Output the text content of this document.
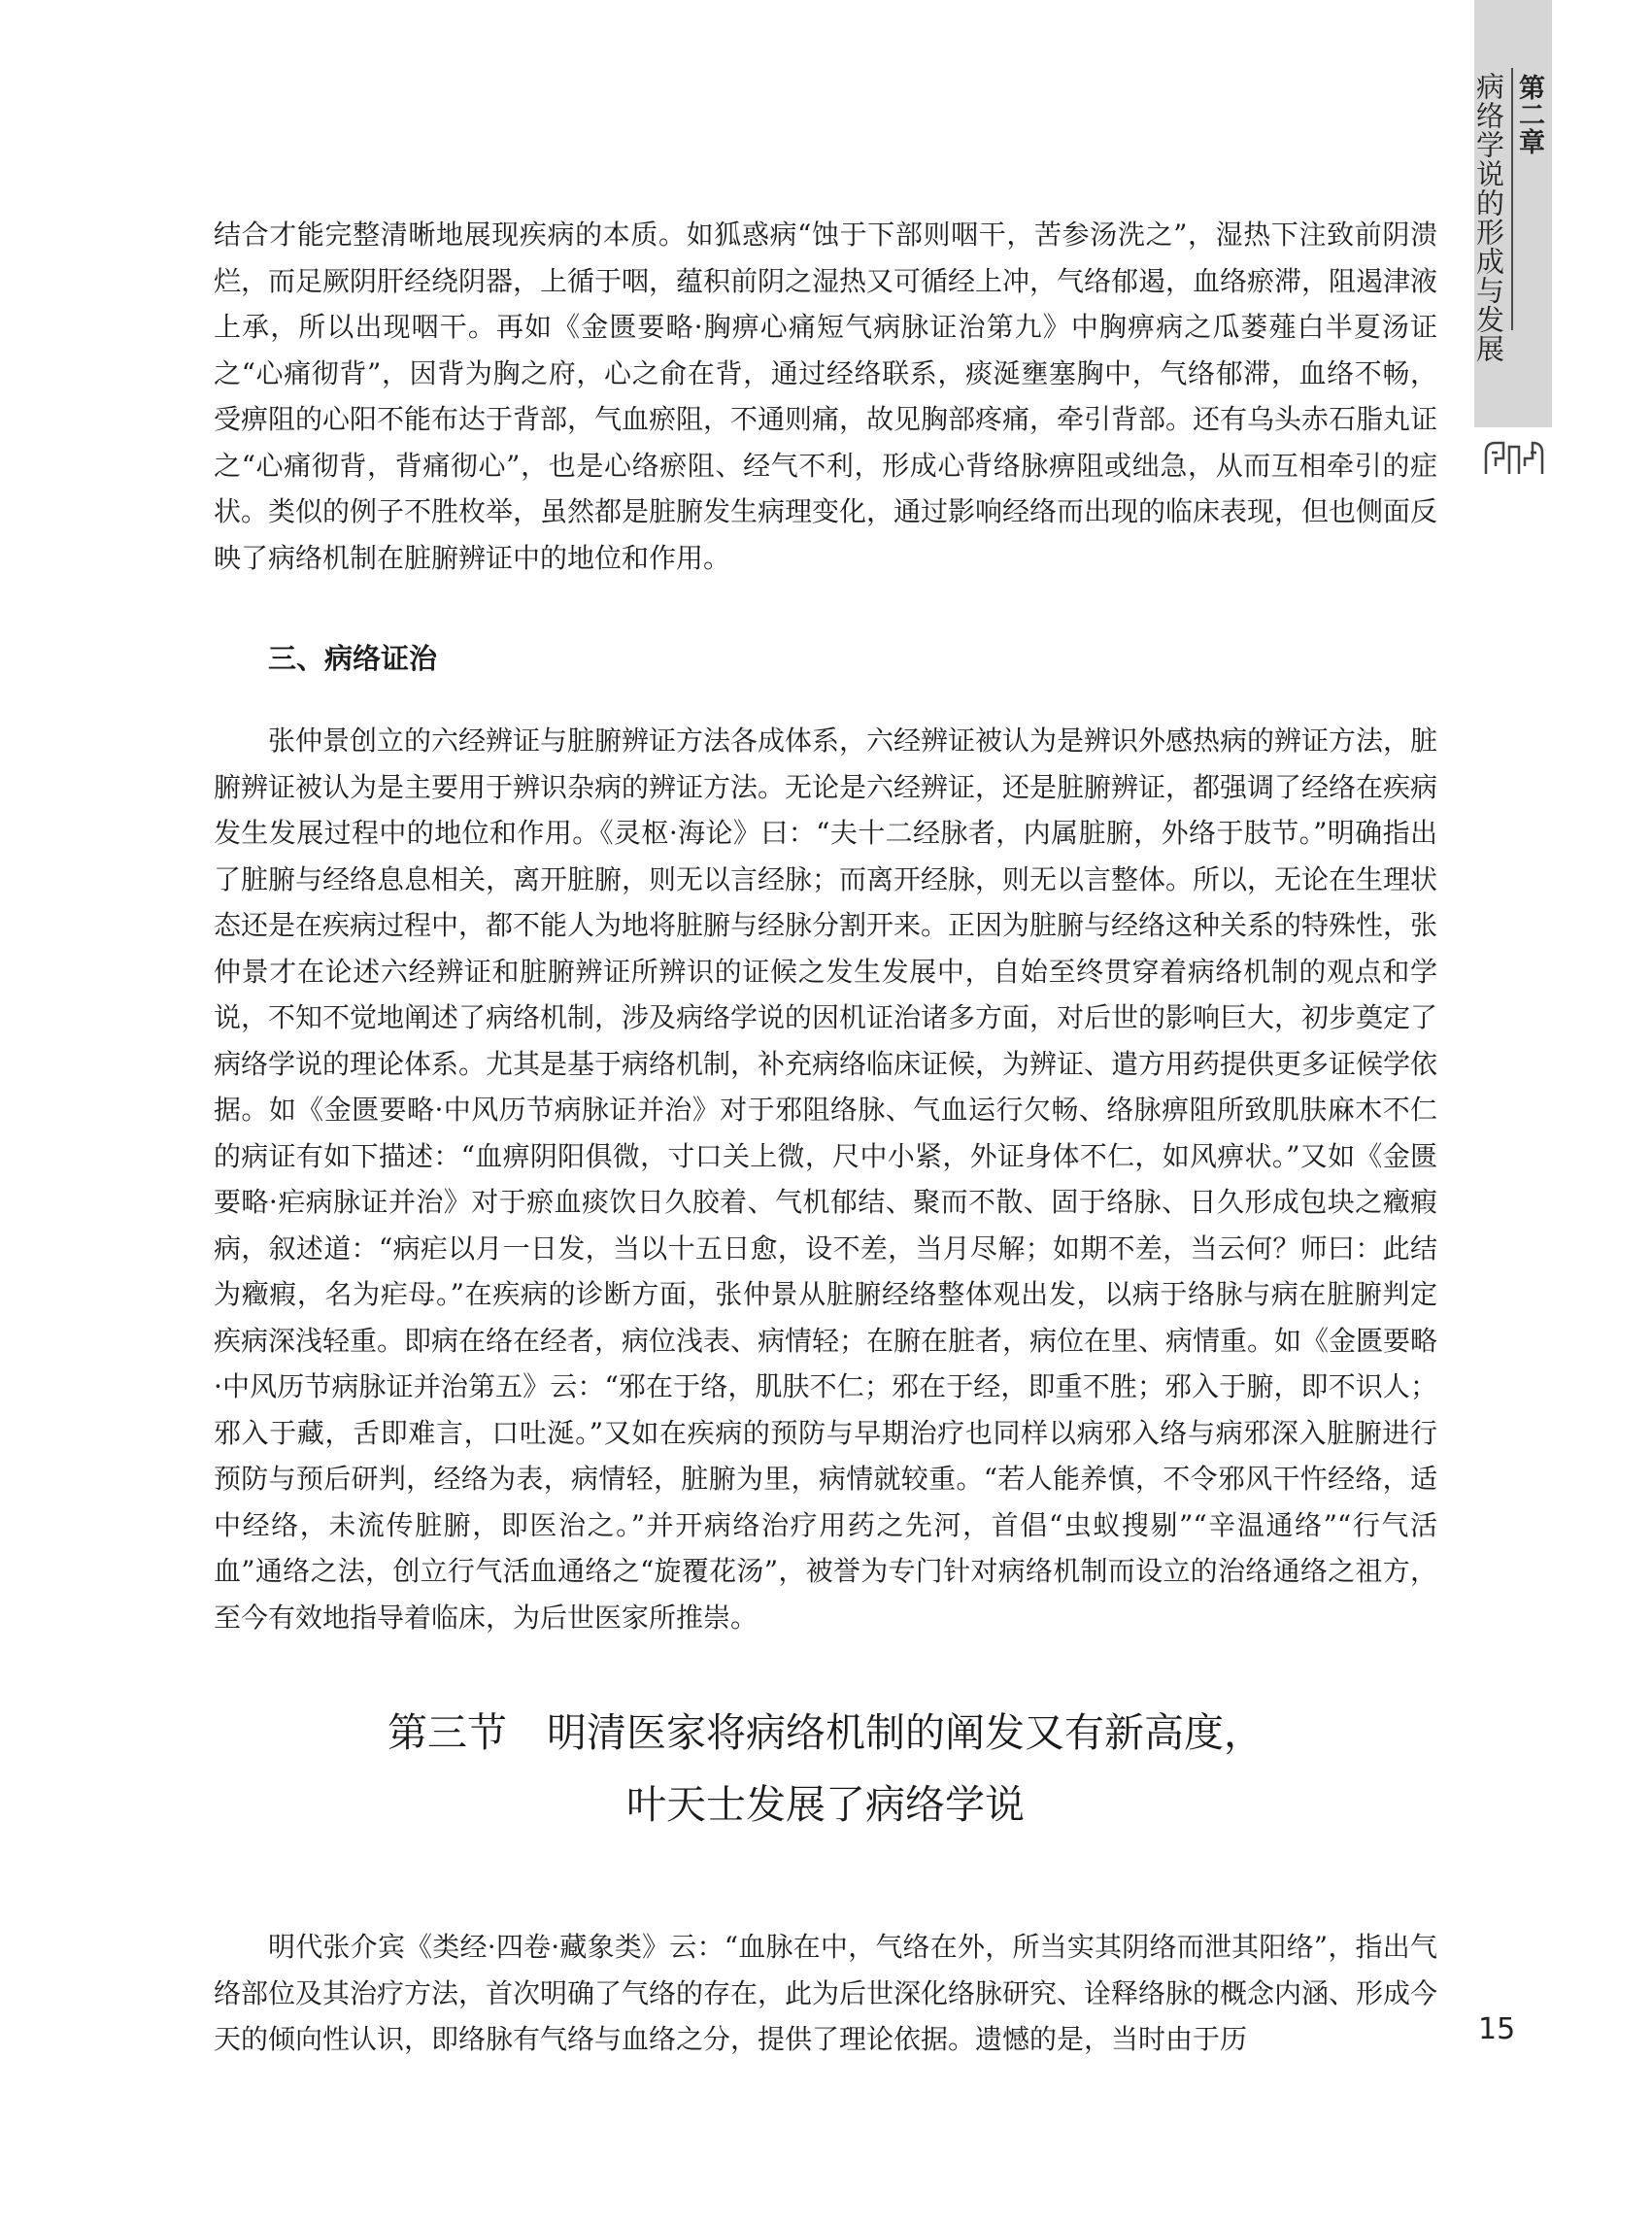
病络学说的形成与发展 第二章

结合才能完整清晰地展现疾病的本质。如狐惑病“蚀于下部则咽干，苦参汤洗之”，湿热下注致前阴溃烂，而足厥阴肝经绕阴器，上循于咽，蕴积前阴之湿热又可循经上冲，气络郁遏，血络瘀滞，阻遏津液上承，所以出现咽干。再如《金匮要略·胸痹心痛短气病脉证治第九》中胸痹病之瓜蒌薤白半夏汤证之“心痛彻背”，因背为胸之府，心之俞在背，通过经络联系，痰涎壅塞胸中，气络郁滞，血络不畅，受痹阻的心阳不能布达于背部，气血瘀阻，不通则痛，故见胸部疼痛，牵引背部。还有乌头赤石脂丸证之“心痛彻背，背痛彻心”，也是心络瘀阻、经气不利，形成心背络脉痹阻或绌急，从而互相牵引的症状。类似的例子不胜枚举，虽然都是脏腑发生病理变化，通过影响经络而出现的临床表现，但也侧面反映了病络机制在脏腑辨证中的地位和作用。

三、病络证治

张仲景创立的六经辨证与脏腑辨证方法各成体系，六经辨证被认为是辨识外感热病的辨证方法，脏腑辨证被认为是主要用于辨识杂病的辨证方法。无论是六经辨证，还是脏腑辨证，都强调了经络在疾病发生发展过程中的地位和作用。《灵枢·海论》曰：“夫十二经脉者，内属脏腑，外络于肢节。”明确指出了脏腑与经络息息相关，离开脏腑，则无以言经脉；而离开经脉，则无以言整体。所以，无论在生理状态还是在疾病过程中，都不能人为地将脏腑与经脉分割开来。正因为脏腑与经络这种关系的特殊性，张仲景才在论述六经辨证和脏腑辨证所辨识的证候之发生发展中，自始至终贯穿着病络机制的观点和学说，不知不觉地阐述了病络机制，涉及病络学说的因机证治诸多方面，对后世的影响巨大，初步奠定了病络学说的理论体系。尤其是基于病络机制，补充病络临床证候，为辨证、遣方用药提供更多证候学依据。如《金匮要略·中风历节病脉证并治》对于邪阻络脉、气血运行欠畅、络脉痹阻所致肌肤麻木不仁的病证有如下描述：“血痹阴阳俱微，寸口关上微，尺中小紧，外证身体不仁，如风痹状。”又如《金匮要略·疟病脉证并治》对于瘀血痰饮日久胶着、气机郁结、聚而不散、固于络脉、日久形成包块之癥瘕病，叙述道：“病疟以月一日发，当以十五日愈，设不差，当月尽解；如期不差，当云何？师曰：此结为癥瘕，名为疟母。”在疾病的诊断方面，张仲景从脏腑经络整体观出发，以病于络脉与病在脏腑判定疾病深浅轻重。即病在络在经者，病位浅表、病情轻；在腑在脏者，病位在里、病情重。如《金匮要略·中风历节病脉证并治第五》云：“邪在于络，肌肤不仁；邪在于经，即重不胜；邪入于腑，即不识人；邪入于藏，舌即难言，口吐涎。”又如在疾病的预防与早期治疗也同样以病邪入络与病邪深入脏腑进行预防与预后研判，经络为表，病情轻，脏腑为里，病情就较重。“若人能养慎，不令邪风干忤经络，适中经络，未流传脏腑，即医治之。”并开病络治疗用药之先河，首倡“虫蚁搜剔”“辛温通络”“行气活血”通络之法，创立行气活血通络之“旋覆花汤”，被誉为专门针对病络机制而设立的治络通络之祖方，至今有效地指导着临床，为后世医家所推崇。

第三节　明清医家将病络机制的阐发又有新高度，
叶天士发展了病络学说

明代张介宾《类经·四卷·藏象类》云：“血脉在中，气络在外，所当实其阴络而泄其阳络”，指出气络部位及其治疗方法，首次明确了气络的存在，此为后世深化络脉研究、诠释络脉的概念内涵、形成今天的倾向性认识，即络脉有气络与血络之分，提供了理论依据。遗憾的是，当时由于历	15
